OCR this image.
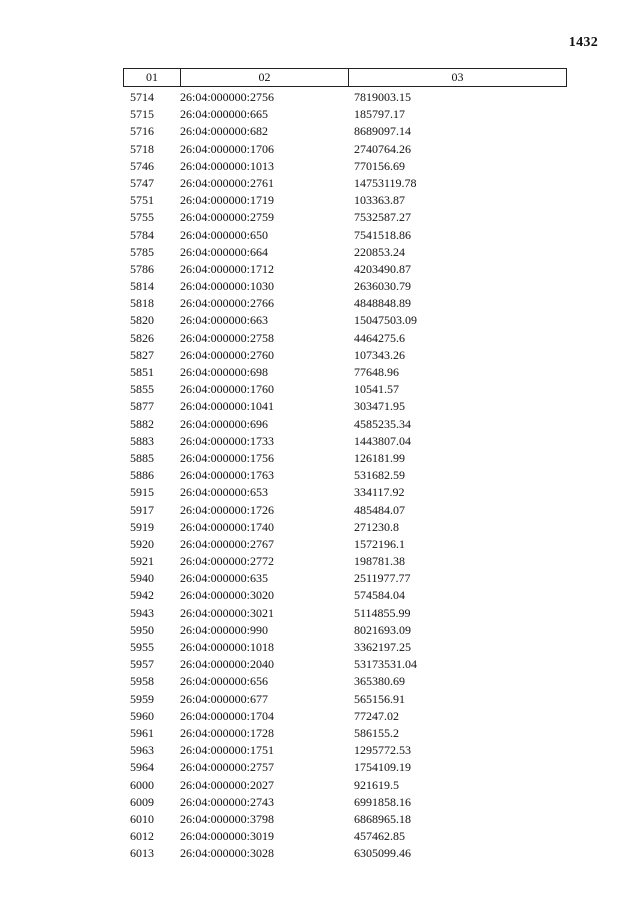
1432
01	02	03
5714	26:04:000000:2756	7819003.15
5715	26:04:000000:665	185797.17
5716	26:04:000000:682	8689097.14
5718	26:04:000000:1706	2740764.26
5746	26:04:000000:1013	770156.69
5747	26:04:000000:2761	14753119.78
5751	26:04:000000:1719	103363.87
5755	26:04:000000:2759	7532587.27
5784	26:04:000000:650	7541518.86
5785	26:04:000000:664	220853.24
5786	26:04:000000:1712	4203490.87
5814	26:04:000000:1030	2636030.79
5818	26:04:000000:2766	4848848.89
5820	26:04:000000:663	15047503.09
5826	26:04:000000:2758	4464275.6
5827	26:04:000000:2760	107343.26
5851	26:04:000000:698	77648.96
5855	26:04:000000:1760	10541.57
5877	26:04:000000:1041	303471.95
5882	26:04:000000:696	4585235.34
5883	26:04:000000:1733	1443807.04
5885	26:04:000000:1756	126181.99
5886	26:04:000000:1763	531682.59
5915	26:04:000000:653	334117.92
5917	26:04:000000:1726	485484.07
5919	26:04:000000:1740	271230.8
5920	26:04:000000:2767	1572196.1
5921	26:04:000000:2772	198781.38
5940	26:04:000000:635	2511977.77
5942	26:04:000000:3020	574584.04
5943	26:04:000000:3021	5114855.99
5950	26:04:000000:990	8021693.09
5955	26:04:000000:1018	3362197.25
5957	26:04:000000:2040	53173531.04
5958	26:04:000000:656	365380.69
5959	26:04:000000:677	565156.91
5960	26:04:000000:1704	77247.02
5961	26:04:000000:1728	586155.2
5963	26:04:000000:1751	1295772.53
5964	26:04:000000:2757	1754109.19
6000	26:04:000000:2027	921619.5
6009	26:04:000000:2743	6991858.16
6010	26:04:000000:3798	6868965.18
6012	26:04:000000:3019	457462.85
6013	26:04:000000:3028	6305099.46
